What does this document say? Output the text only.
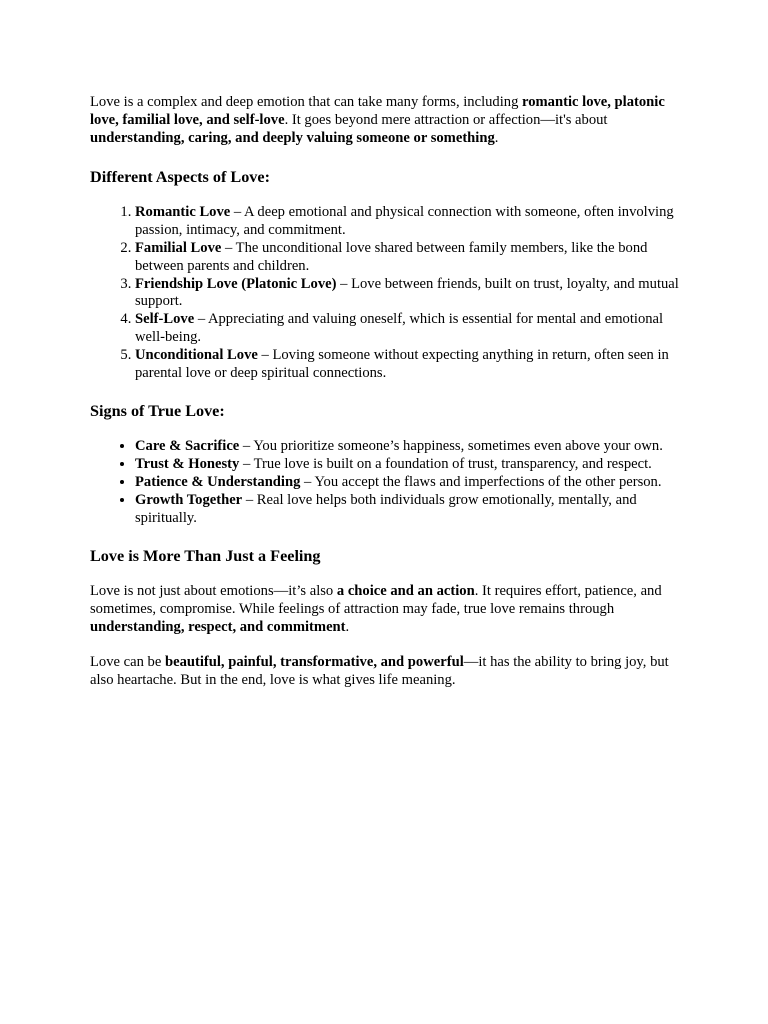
Love is a complex and deep emotion that can take many forms, including romantic love, platonic love, familial love, and self-love. It goes beyond mere attraction or affection—it's about understanding, caring, and deeply valuing someone or something.

Different Aspects of Love:
1. Romantic Love – A deep emotional and physical connection with someone, often involving passion, intimacy, and commitment.
2. Familial Love – The unconditional love shared between family members, like the bond between parents and children.
3. Friendship Love (Platonic Love) – Love between friends, built on trust, loyalty, and mutual support.
4. Self-Love – Appreciating and valuing oneself, which is essential for mental and emotional well-being.
5. Unconditional Love – Loving someone without expecting anything in return, often seen in parental love or deep spiritual connections.
Signs of True Love:
• Care & Sacrifice – You prioritize someone’s happiness, sometimes even above your own.
• Trust & Honesty – True love is built on a foundation of trust, transparency, and respect.
• Patience & Understanding – You accept the flaws and imperfections of the other person.
• Growth Together – Real love helps both individuals grow emotionally, mentally, and spiritually.
Love is More Than Just a Feeling

Love is not just about emotions—it’s also a choice and an action. It requires effort, patience, and sometimes, compromise. While feelings of attraction may fade, true love remains through understanding, respect, and commitment.

Love can be beautiful, painful, transformative, and powerful—it has the ability to bring joy, but also heartache. But in the end, love is what gives life meaning.
